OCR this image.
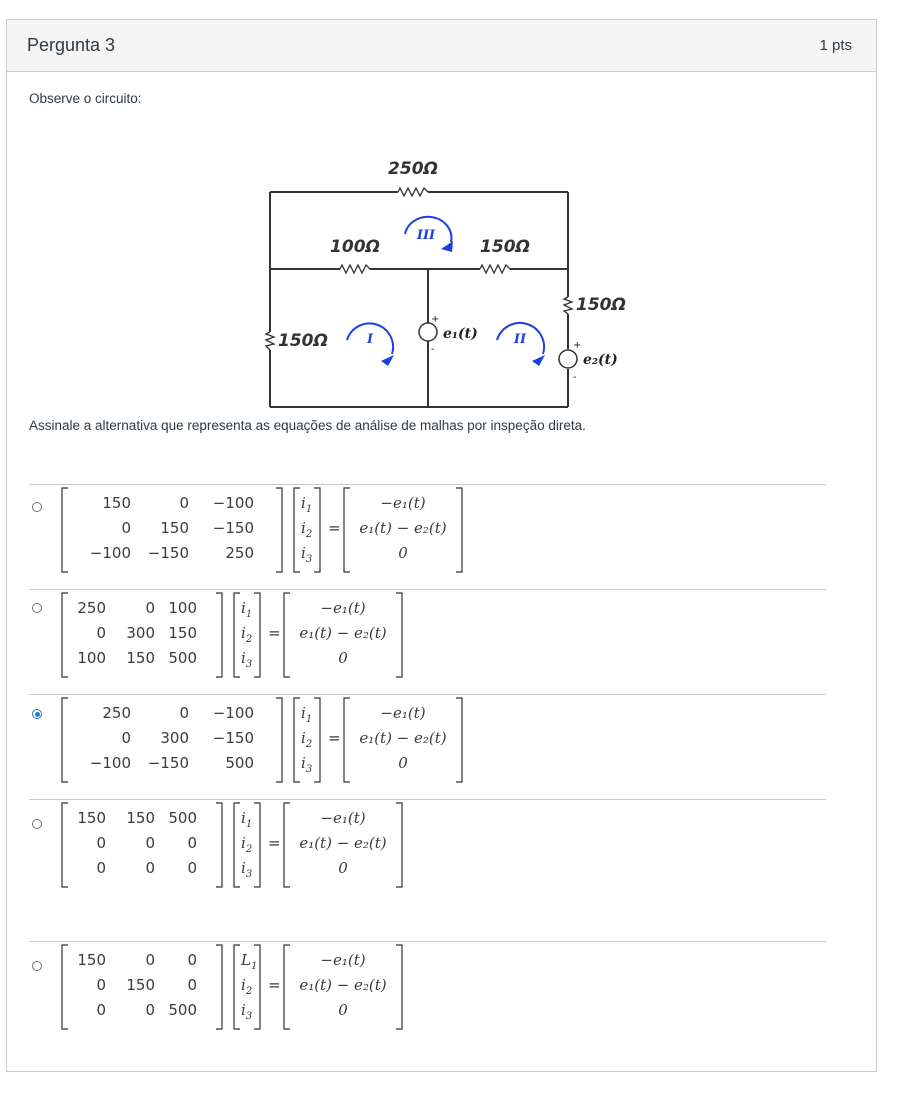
Pergunta 3	1 pts
Observe o circuito:
250Ω
100Ω	150Ω
150Ω
150Ω
III
I	II
e₁(t)
e₂(t)
+
-	+
-
Assinale a alternativa que representa as equações de análise de malhas por inspeção direta.
150	0 −100
0 150 −150
−100 −150 250
$i_1$
$i_2$
$i_3$
=
−e₁(t)
e₁(t) − e₂(t)
0
250	0 100
0 300 150
100 150 500
$i_1$
$i_2$
$i_3$
=
−e₁(t)
e₁(t) − e₂(t)
0
250	0 −100
0 300 −150
−100 −150 500
$i_1$
$i_2$
$i_3$
=
−e₁(t)
e₁(t) − e₂(t)
0
150 150 500
0	0 0
0	0 0
$i_1$
$i_2$
$i_3$
=
−e₁(t)
e₁(t) − e₂(t)
0
150	0 0
0 150 0
0	0 500
$L_1$
$i_2$
$i_3$
=
−e₁(t)
e₁(t) − e₂(t)
0
